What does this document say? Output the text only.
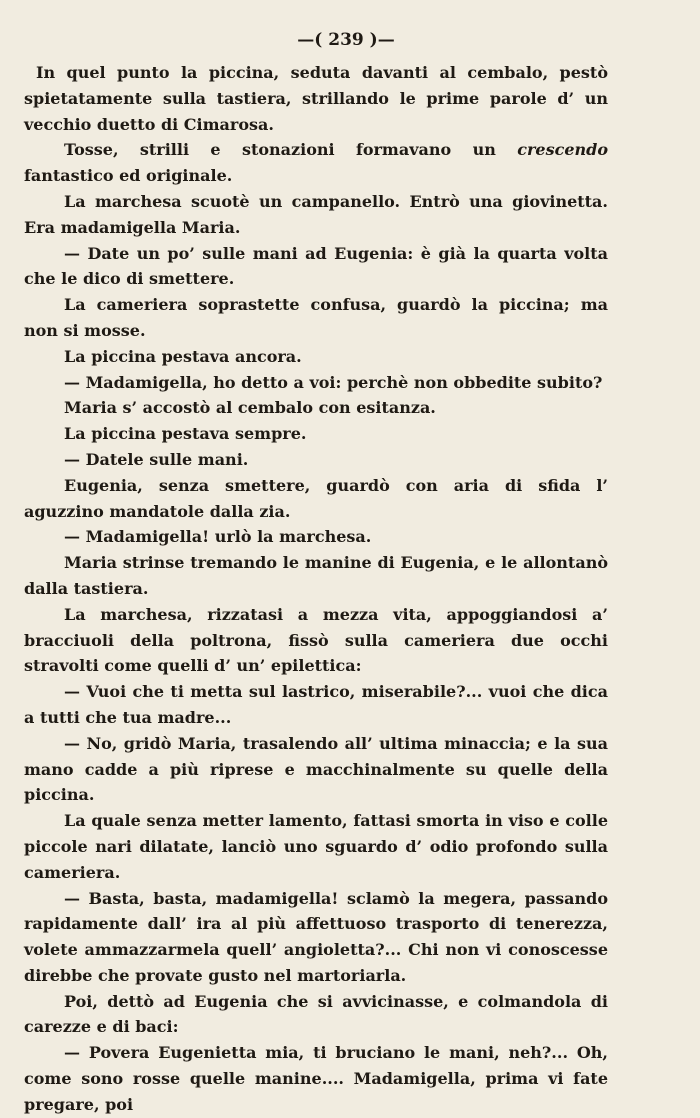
—( 239 )—

In quel punto la piccina, seduta davanti al cembalo, pestò spietatamente sulla tastiera, strillando le prime parole d’ un vecchio duetto di Cimarosa.

Tosse, strilli e stonazioni formavano un crescendo fantastico ed originale.

La marchesa scuotè un campanello. Entrò una giovinetta. Era madamigella Maria.

— Date un po’ sulle mani ad Eugenia: è già la quarta volta che le dico di smettere.

La cameriera soprastette confusa, guardò la piccina; ma non si mosse.

La piccina pestava ancora.

— Madamigella, ho detto a voi: perchè non obbedite subito?

Maria s’ accostò al cembalo con esitanza.

La piccina pestava sempre.

— Datele sulle mani.

Eugenia, senza smettere, guardò con aria di sfida l’ aguzzino mandatole dalla zia.

— Madamigella! urlò la marchesa.

Maria strinse tremando le manine di Eugenia, e le allontanò dalla tastiera.

La marchesa, rizzatasi a mezza vita, appoggiandosi a’ bracciuoli della poltrona, fissò sulla cameriera due occhi stravolti come quelli d’ un’ epilettica:

— Vuoi che ti metta sul lastrico, miserabile?... vuoi che dica a tutti che tua madre...

— No, gridò Maria, trasalendo all’ ultima minaccia; e la sua mano cadde a più riprese e macchinalmente su quelle della piccina.

La quale senza metter lamento, fattasi smorta in viso e colle piccole nari dilatate, lanciò uno sguardo d’ odio profondo sulla cameriera.

— Basta, basta, madamigella! sclamò la megera, passando rapidamente dall’ ira al più affettuoso trasporto di tenerezza, volete ammazzarmela quell’ angioletta?... Chi non vi conoscesse direbbe che provate gusto nel martoriarla.

Poi, dettò ad Eugenia che si avvicinasse, e colmandola di carezze e di baci:

— Povera Eugenietta mia, ti bruciano le mani, neh?... Oh, come sono rosse quelle manine.... Madamigella, prima vi fate pregare, poi
